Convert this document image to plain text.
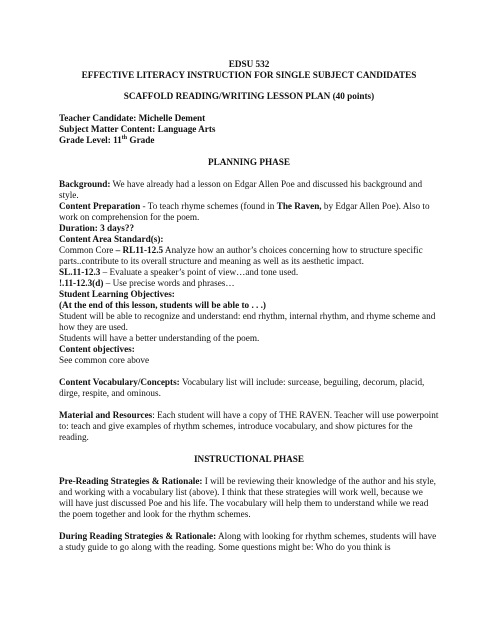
EDSU 532

EFFECTIVE LITERACY INSTRUCTION FOR SINGLE SUBJECT CANDIDATES

SCAFFOLD READING/WRITING LESSON PLAN (40 points)

Teacher Candidate: Michelle Dement

Subject Matter Content: Language Arts

Grade Level: 11th Grade

PLANNING PHASE

Background: We have already had a lesson on Edgar Allen Poe and discussed his background and style.

Content Preparation - To teach rhyme schemes (found in The Raven, by Edgar Allen Poe). Also to work on comprehension for the poem.

Duration: 3 days??

Content Area Standard(s):

Common Core – RL11-12.5 Analyze how an author’s choices concerning how to structure specific parts..contribute to its overall structure and meaning as well as its aesthetic impact.

SL.11-12.3 – Evaluate a speaker’s point of view…and tone used.

!.11-12.3(d) – Use precise words and phrases…

Student Learning Objectives:

(At the end of this lesson, students will be able to . . .)

Student will be able to recognize and understand: end rhythm, internal rhythm, and rhyme scheme and how they are used.

Students will have a better understanding of the poem.

Content objectives:

See common core above

Content Vocabulary/Concepts: Vocabulary list will include: surcease, beguiling, decorum, placid, dirge, respite, and ominous.

Material and Resources: Each student will have a copy of THE RAVEN. Teacher will use powerpoint to: teach and give examples of rhythm schemes, introduce vocabulary, and show pictures for the reading.

INSTRUCTIONAL PHASE

Pre-Reading Strategies & Rationale: I will be reviewing their knowledge of the author and his style, and working with a vocabulary list (above). I think that these strategies will work well, because we will have just discussed Poe and his life. The vocabulary will help them to understand while we read the poem together and look for the rhythm schemes.

During Reading Strategies & Rationale: Along with looking for rhythm schemes, students will have a study guide to go along with the reading. Some questions might be: Who do you think is
